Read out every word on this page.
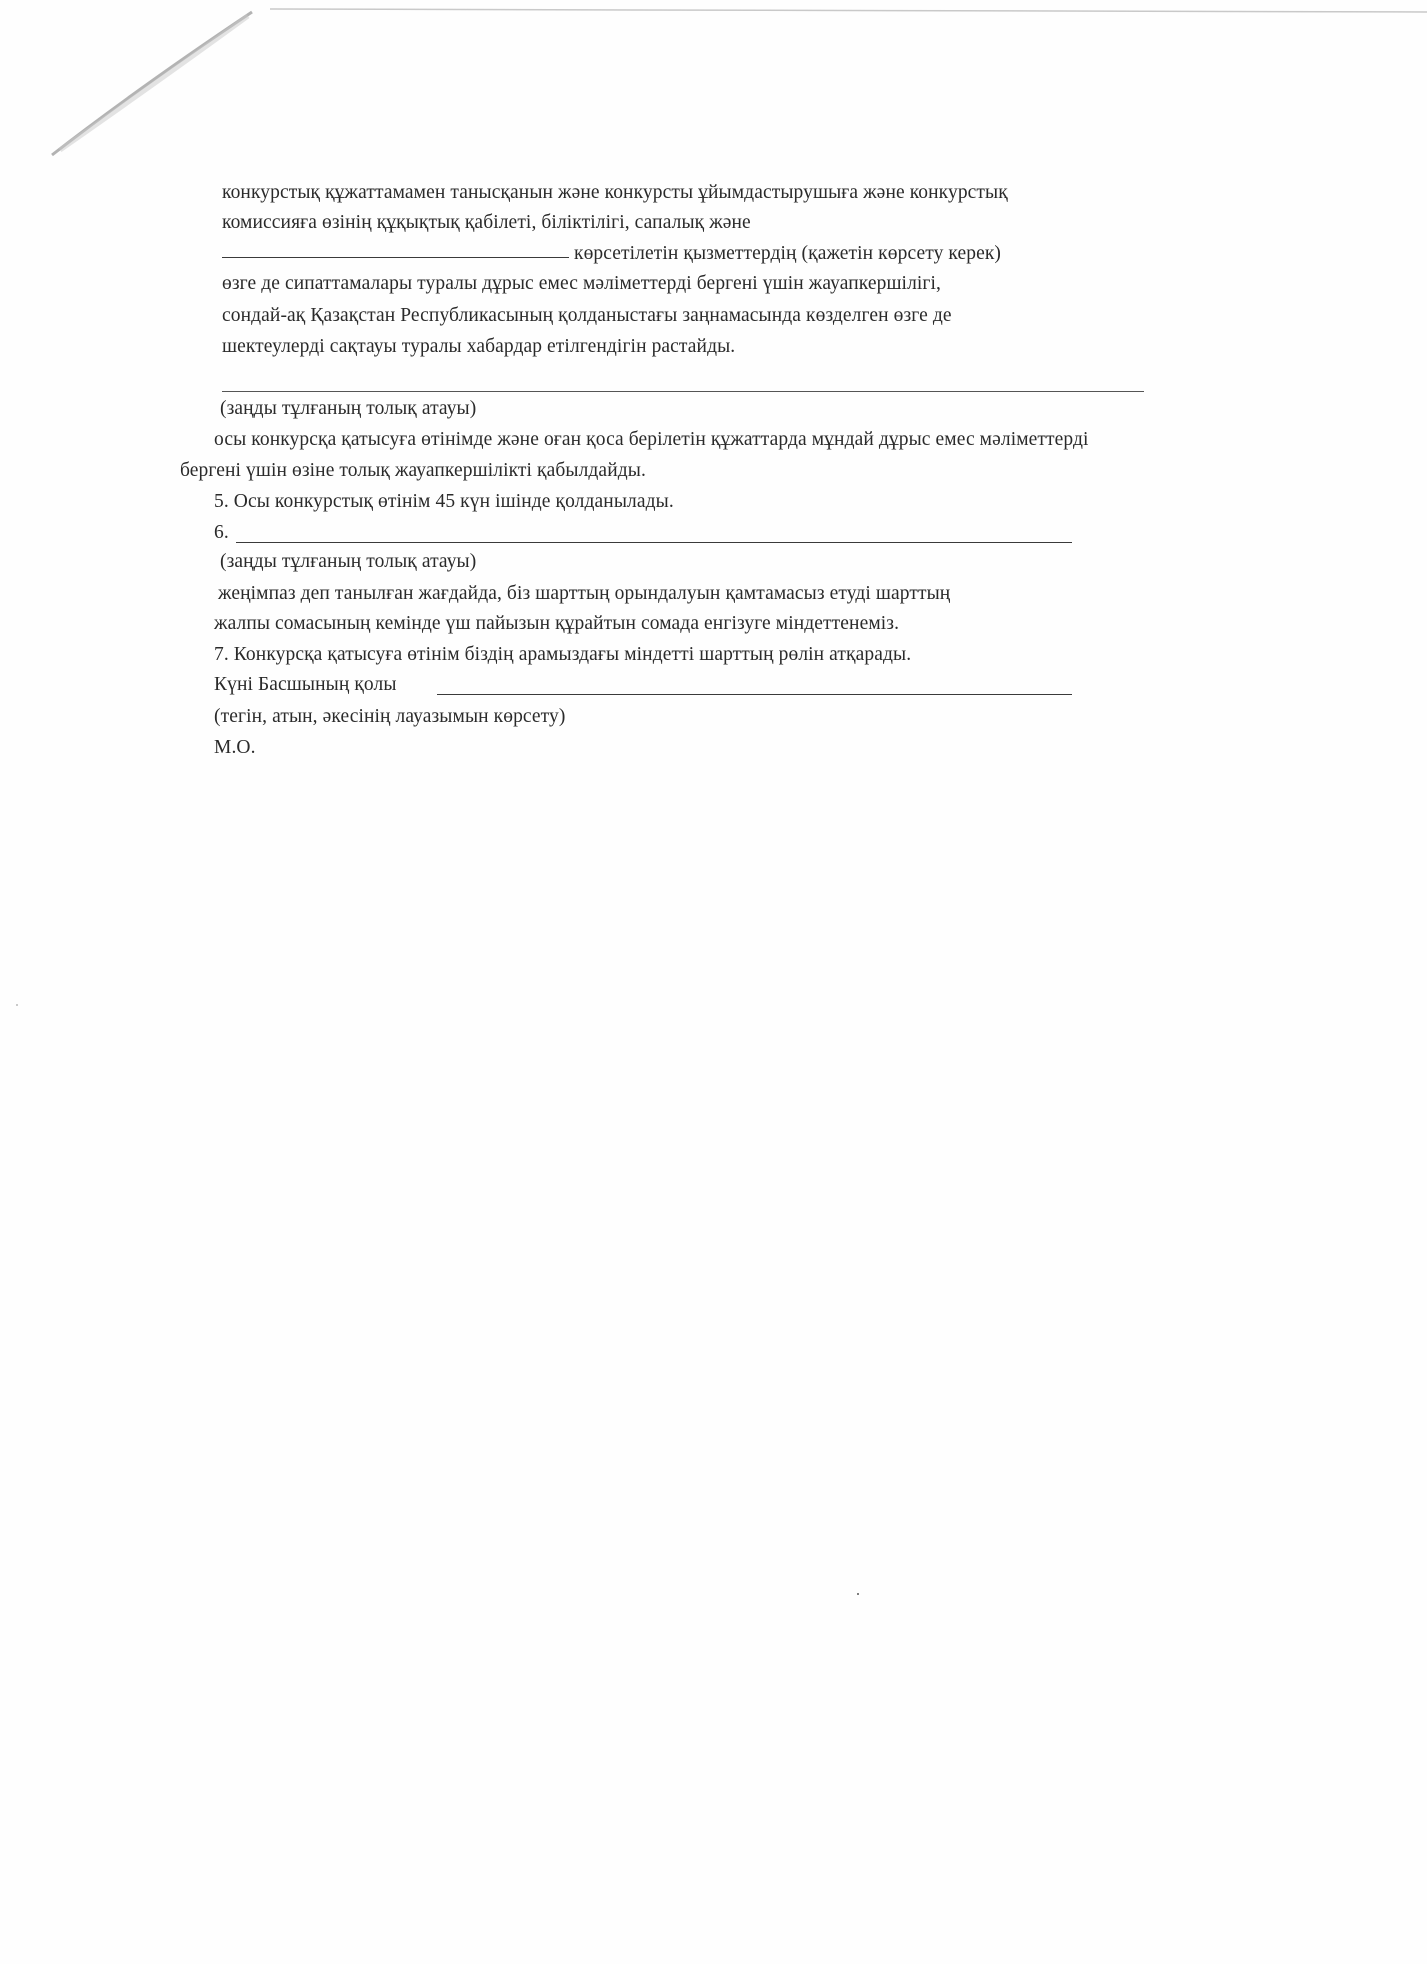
конкурстық құжаттамамен танысқанын және конкурсты ұйымдастырушыға және конкурстық
комиссияға өзінің құқықтық қабілеті, біліктілігі, сапалық және
көрсетілетін қызметтердің (қажетін көрсету керек)
өзге де сипаттамалары туралы дұрыс емес мәліметтерді бергені үшін жауапкершілігі,
сондай-ақ Қазақстан Республикасының қолданыстағы заңнамасында көзделген өзге де
шектеулерді сақтауы туралы хабардар етілгендігін растайды.
(заңды тұлғаның толық атауы)
осы конкурсқа қатысуға өтінімде және оған қоса берілетін құжаттарда мұндай дұрыс емес мәліметтерді
бергені үшін өзіне толық жауапкершілікті қабылдайды.
5. Осы конкурстық өтінім 45 күн ішінде қолданылады.
6.
(заңды тұлғаның толық атауы)
жеңімпаз деп танылған жағдайда, біз шарттың орындалуын қамтамасыз етуді шарттың
жалпы сомасының кемінде үш пайызын құрайтын сомада енгізуге міндеттенеміз.
7. Конкурсқа қатысуға өтінім біздің арамыздағы міндетті шарттың рөлін атқарады.
Күні Басшының қолы
(тегін, атын, әкесінің лауазымын көрсету)
М.О.
